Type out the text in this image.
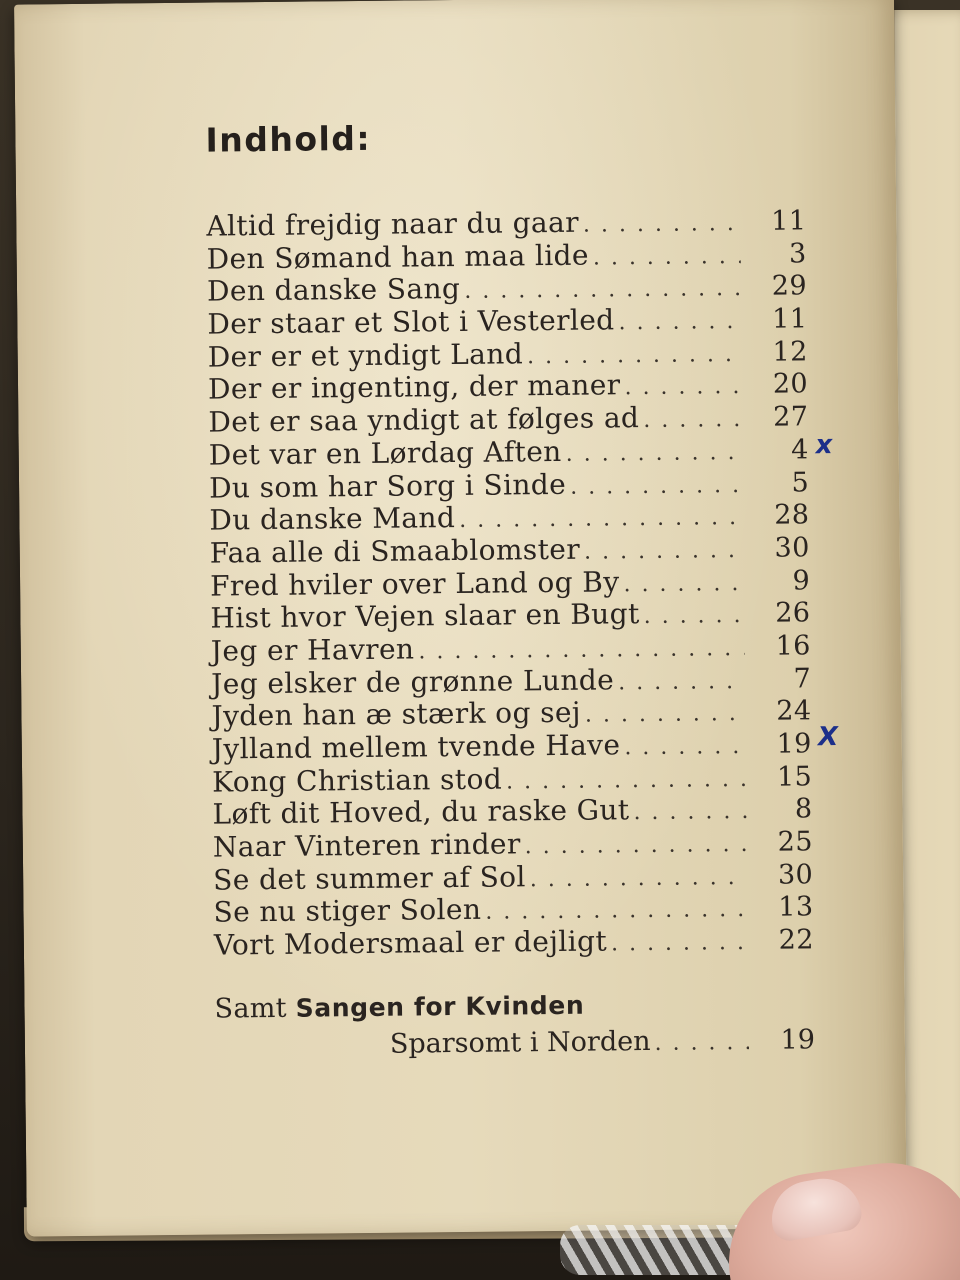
Indhold:
Altid frejdig naar du gaar . . .	11
Den Sømand han maa lide . . .	3
Den danske Sang . . .	29
Der staar et Slot i Vesterled . . .	11
Der er et yndigt Land . . .	12
Der er ingenting, der maner . . .	20
Det er saa yndigt at følges ad . . .	27
Det var en Lørdag Aften . . .	4 x
Du som har Sorg i Sinde . . .	5
Du danske Mand . . .	28
Faa alle di Smaablomster . . .	30
Fred hviler over Land og By . . .	9
Hist hvor Vejen slaar en Bugt . . .	26
Jeg er Havren . . .	16
Jeg elsker de grønne Lunde . . .	7
Jyden han æ stærk og sej . . .	24
Jylland mellem tvende Have . . .	19 X
Kong Christian stod . . .	15
Løft dit Hoved, du raske Gut . . .	8
Naar Vinteren rinder . . .	25
Se det summer af Sol . . .	30
Se nu stiger Solen . . .	13
Vort Modersmaal er dejligt . . .	22
Samt Sangen for Kvinden
Sparsomt i Norden . . .	19
